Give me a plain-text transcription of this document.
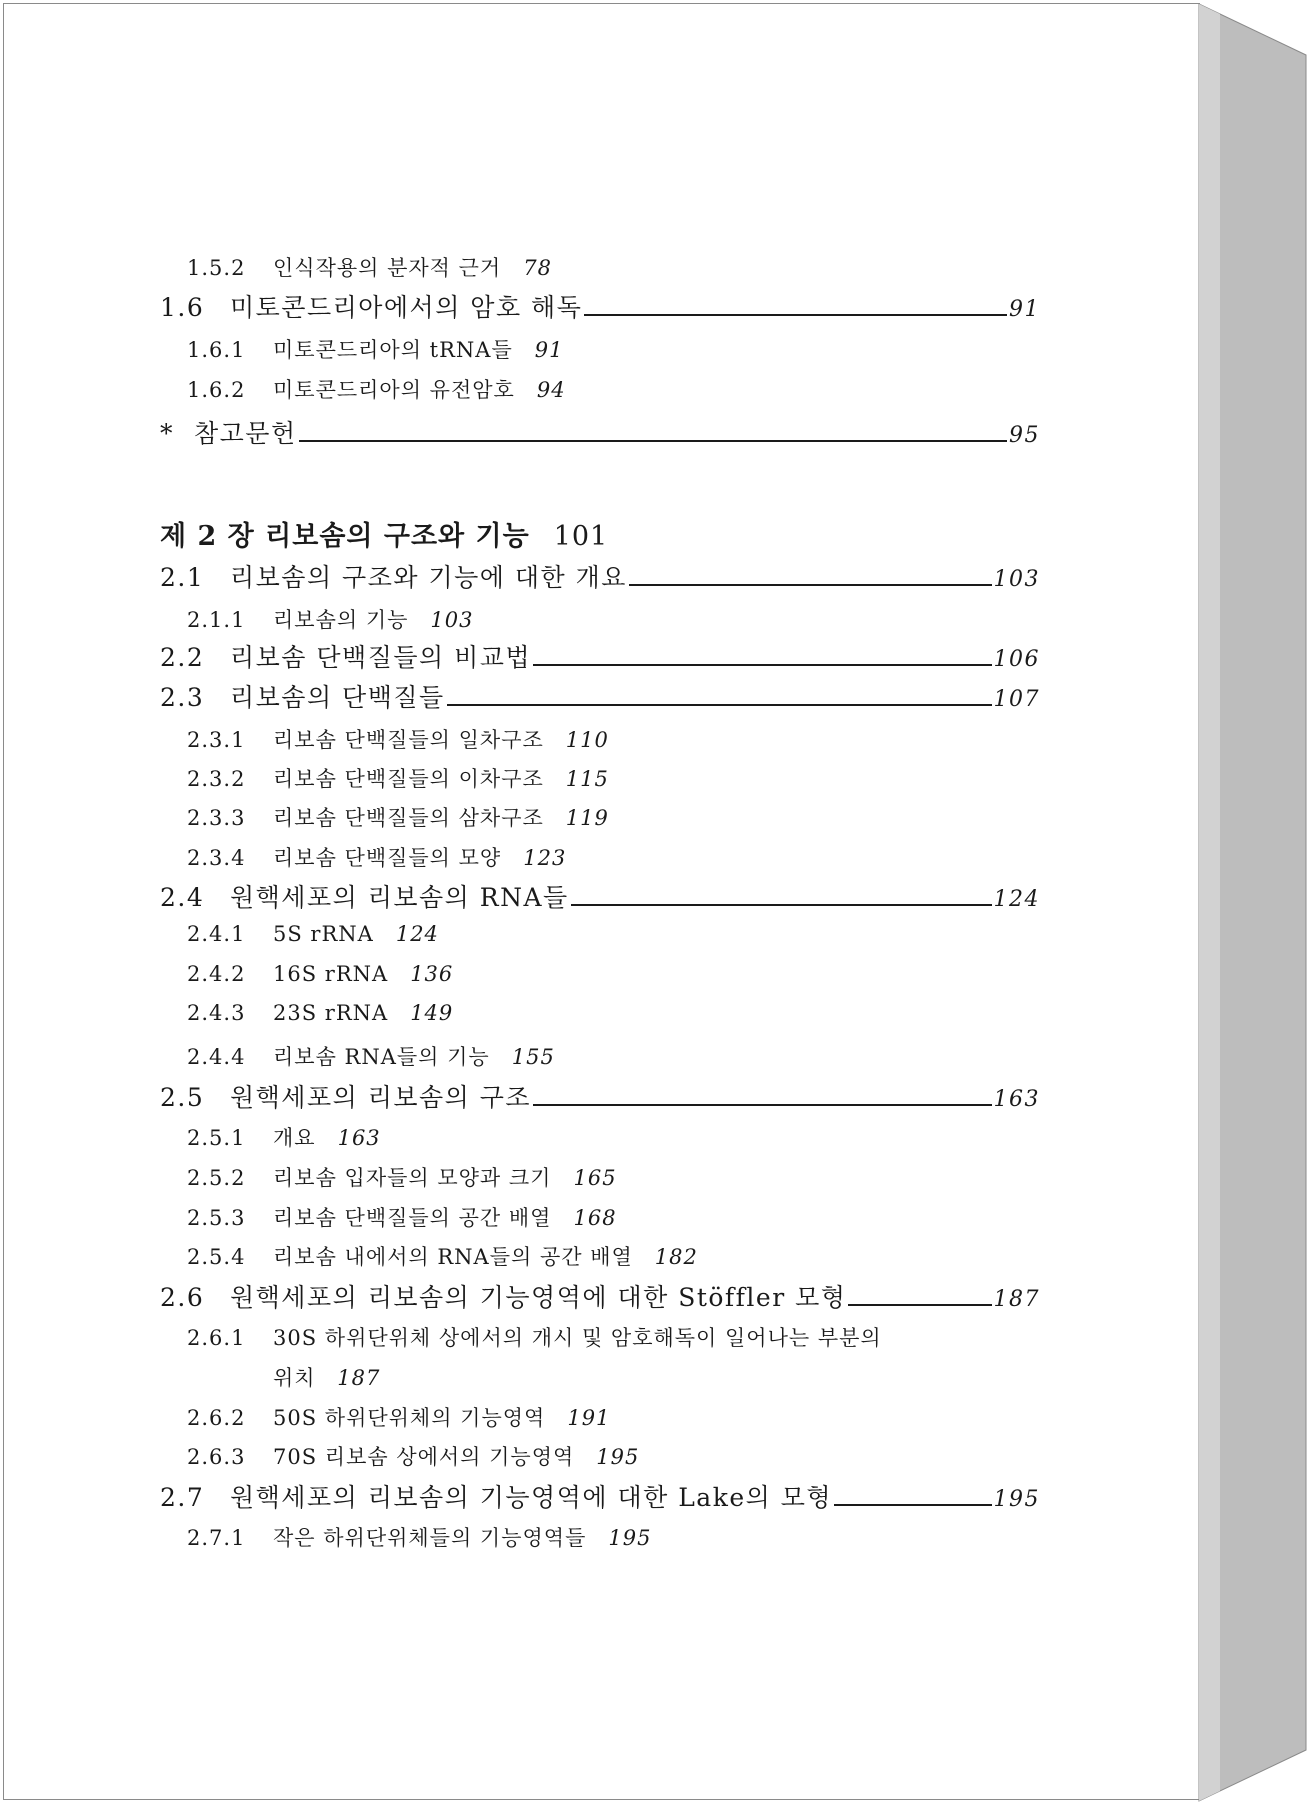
1.5.2	인식작용의 분자적 근거 78
1.6	미토콘드리아에서의 암호 해독	91
1.6.1	미토콘드리아의 tRNA들 91
1.6.2	미토콘드리아의 유전암호 94
* 참고문헌	95
제 2 장 리보솜의 구조와 기능 101
2.1	리보솜의 구조와 기능에 대한 개요	103
2.1.1	리보솜의 기능 103
2.2	리보솜 단백질들의 비교법	106
2.3	리보솜의 단백질들	107
2.3.1	리보솜 단백질들의 일차구조 110
2.3.2	리보솜 단백질들의 이차구조 115
2.3.3	리보솜 단백질들의 삼차구조 119
2.3.4	리보솜 단백질들의 모양 123
2.4	원핵세포의 리보솜의 RNA들	124
2.4.1	5S rRNA 124
2.4.2	16S rRNA 136
2.4.3	23S rRNA 149
2.4.4	리보솜 RNA들의 기능 155
2.5	원핵세포의 리보솜의 구조	163
2.5.1	개요 163
2.5.2	리보솜 입자들의 모양과 크기 165
2.5.3	리보솜 단백질들의 공간 배열 168
2.5.4	리보솜 내에서의 RNA들의 공간 배열 182
2.6	원핵세포의 리보솜의 기능영역에 대한 Stöffler 모형	187
2.6.1	30S 하위단위체 상에서의 개시 및 암호해독이 일어나는 부분의
위치 187
2.6.2	50S 하위단위체의 기능영역 191
2.6.3	70S 리보솜 상에서의 기능영역 195
2.7	원핵세포의 리보솜의 기능영역에 대한 Lake의 모형	195
2.7.1	작은 하위단위체들의 기능영역들 195
